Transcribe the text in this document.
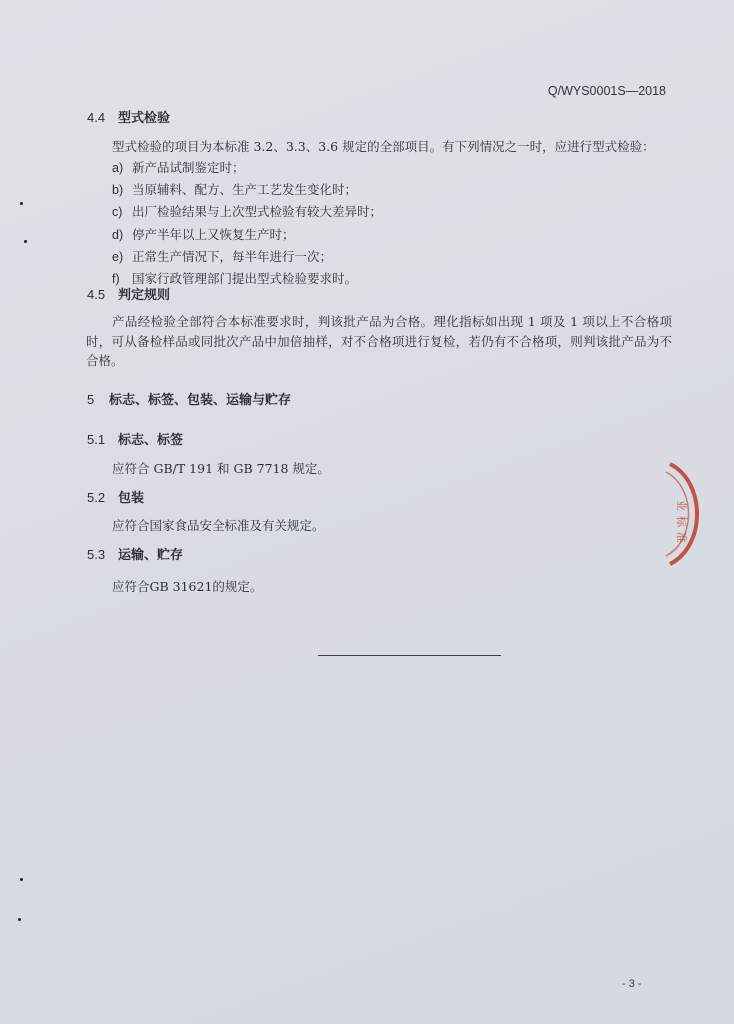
Q/WYS0001S—2018
4.4 型式检验
型式检验的项目为本标准 3.2、3.3、3.6 规定的全部项目。有下列情况之一时，应进行型式检验：
a) 新产品试制鉴定时；
b) 当原辅料、配方、生产工艺发生变化时；
c) 出厂检验结果与上次型式检验有较大差异时；
d) 停产半年以上又恢复生产时；
e) 正常生产情况下，每半年进行一次；
f) 国家行政管理部门提出型式检验要求时。
4.5 判定规则

产品经检验全部符合本标准要求时，判该批产品为合格。理化指标如出现 1 项及 1 项以上不合格项时，可从备检样品或同批次产品中加倍抽样，对不合格项进行复检，若仍有不合格项，则判该批产品为不合格。

5 标志、标签、包装、运输与贮存
5.1 标志、标签
应符合 GB/T 191 和 GB 7718 规定。
5.2 包装
应符合国家食品安全标准及有关规定。
5.3 运输、贮存
应符合GB 31621的规定。
- 3 -
业
标
准
